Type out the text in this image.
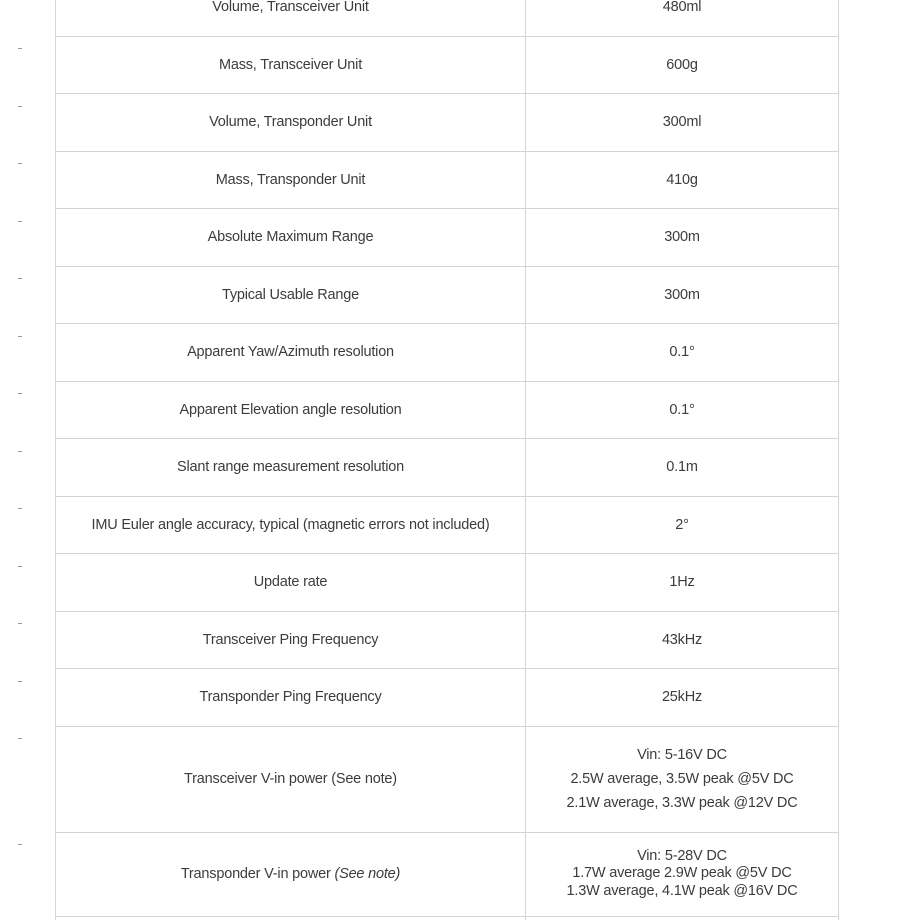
Volume, Transceiver Unit	480ml
Mass, Transceiver Unit	600g
Volume, Transponder Unit	300ml
Mass, Transponder Unit	410g
Absolute Maximum Range	300m
Typical Usable Range	300m
Apparent Yaw/Azimuth resolution	0.1°
Apparent Elevation angle resolution	0.1°
Slant range measurement resolution	0.1m
IMU Euler angle accuracy, typical (magnetic errors not included)	2°
Update rate	1Hz
Transceiver Ping Frequency	43kHz
Transponder Ping Frequency	25kHz
Transceiver V-in power (See note)	Vin: 5-16V DC
2.5W average, 3.5W peak @5V DC
2.1W average, 3.3W peak @12V DC

Transponder V-in power (See note)	Vin: 5-28V DC
1.7W average 2.9W peak @5V DC
1.3W average, 4.1W peak @16V DC
